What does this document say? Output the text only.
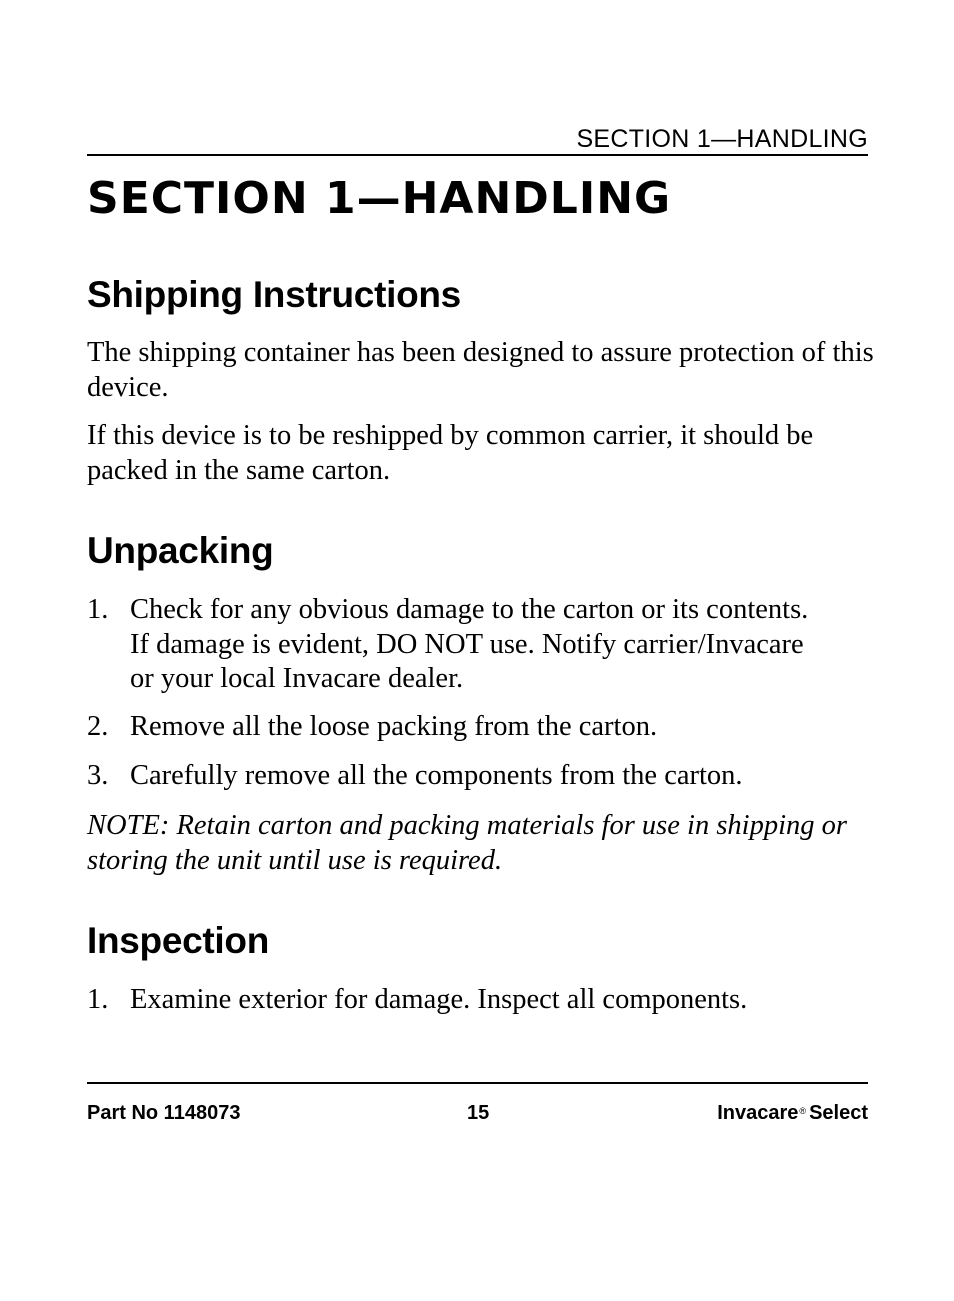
SECTION 1—HANDLING
SECTION 1—HANDLING
Shipping Instructions

The shipping container has been designed to assure protection of this device.

If this device is to be reshipped by common carrier, it should be packed in the same carton.

Unpacking
1. Check for any obvious damage to the carton or its contents. If damage is evident, DO NOT use. Notify carrier/Invacare or your local Invacare dealer.
2. Remove all the loose packing from the carton.
3. Carefully remove all the components from the carton.

NOTE: Retain carton and packing materials for use in shipping or storing the unit until use is required.

Inspection
1. Examine exterior for damage. Inspect all components.
Part No 1148073	15	Invacare® Select
